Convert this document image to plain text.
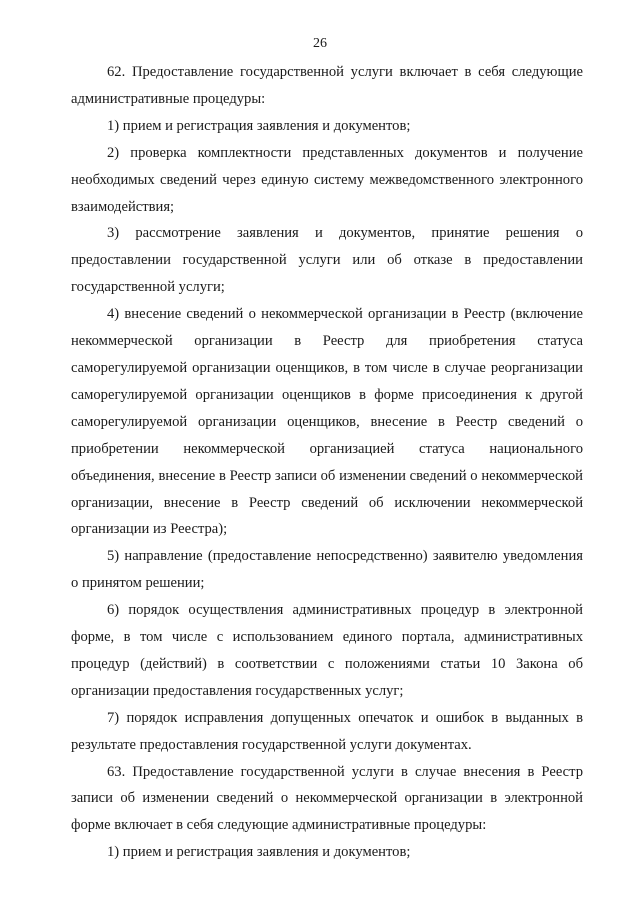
26

62. Предоставление государственной услуги включает в себя следующие административные процедуры:

1) прием и регистрация заявления и документов;

2) проверка комплектности представленных документов и получение необходимых сведений через единую систему межведомственного электронного взаимодействия;

3) рассмотрение заявления и документов, принятие решения о предоставлении государственной услуги или об отказе в предоставлении государственной услуги;

4) внесение сведений о некоммерческой организации в Реестр (включение некоммерческой организации в Реестр для приобретения статуса саморегулируемой организации оценщиков, в том числе в случае реорганизации саморегулируемой организации оценщиков в форме присоединения к другой саморегулируемой организации оценщиков, внесение в Реестр сведений о приобретении некоммерческой организацией статуса национального объединения, внесение в Реестр записи об изменении сведений о некоммерческой организации, внесение в Реестр сведений об исключении некоммерческой организации из Реестра);

5) направление (предоставление непосредственно) заявителю уведомления о принятом решении;

6) порядок осуществления административных процедур в электронной форме, в том числе с использованием единого портала, административных процедур (действий) в соответствии с положениями статьи 10 Закона об организации предоставления государственных услуг;

7) порядок исправления допущенных опечаток и ошибок в выданных в результате предоставления государственной услуги документах.

63. Предоставление государственной услуги в случае внесения в Реестр записи об изменении сведений о некоммерческой организации в электронной форме включает в себя следующие административные процедуры:

1) прием и регистрация заявления и документов;
